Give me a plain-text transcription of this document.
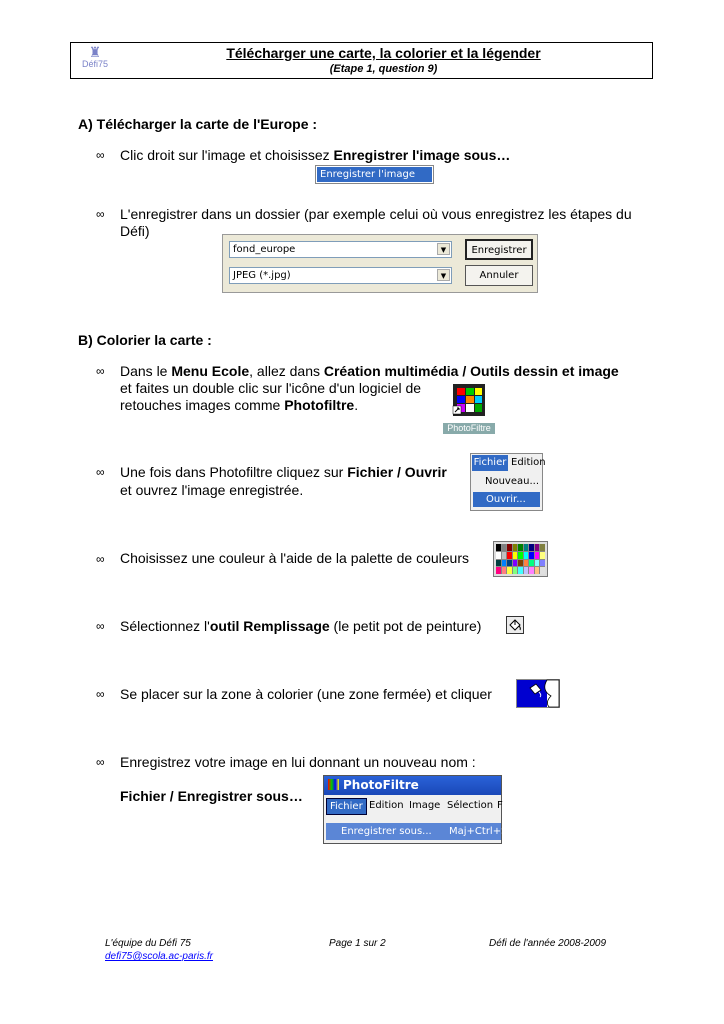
♜
Défi75
Télécharger une carte, la colorier et la légender
(Etape 1, question 9)
A) Télécharger la carte de l'Europe :
∞ Clic droit sur l'image et choisissez Enregistrer l'image sous…
Enregistrer l'image sous...
∞ L'enregistrer dans un dossier (par exemple celui où vous enregistrez les étapes du Défi)
fond_europe	▼
JPEG (*.jpg)	▼
Enregistrer
Annuler
B) Colorier la carte :
∞ Dans le Menu Ecole, allez dans Création multimédia / Outils dessin et image
et faites un double clic sur l'icône d'un logiciel de
retouches images comme Photofiltre.
PhotoFiltre
∞ Une fois dans Photofiltre cliquez sur Fichier / Ouvrir
et ouvrez l'image enregistrée.
Fichier Edition
Nouveau...
Ouvrir...
Choisissez une couleur à l'aide de la palette de couleurs
∞
∞ Sélectionnez l'outil Remplissage (le petit pot de peinture)
∞ Se placer sur la zone à colorier (une zone fermée) et cliquer
∞ Enregistrez votre image en lui donnant un nouveau nom :
Fichier / Enregistrer sous…
PhotoFiltre
Fichier Edition Image Sélection F
Enregistrer sous... Maj+Ctrl+S
L'équipe du Défi 75
defi75@scola.ac-paris.fr
Page 1 sur 2	Défi de l'année 2008-2009
